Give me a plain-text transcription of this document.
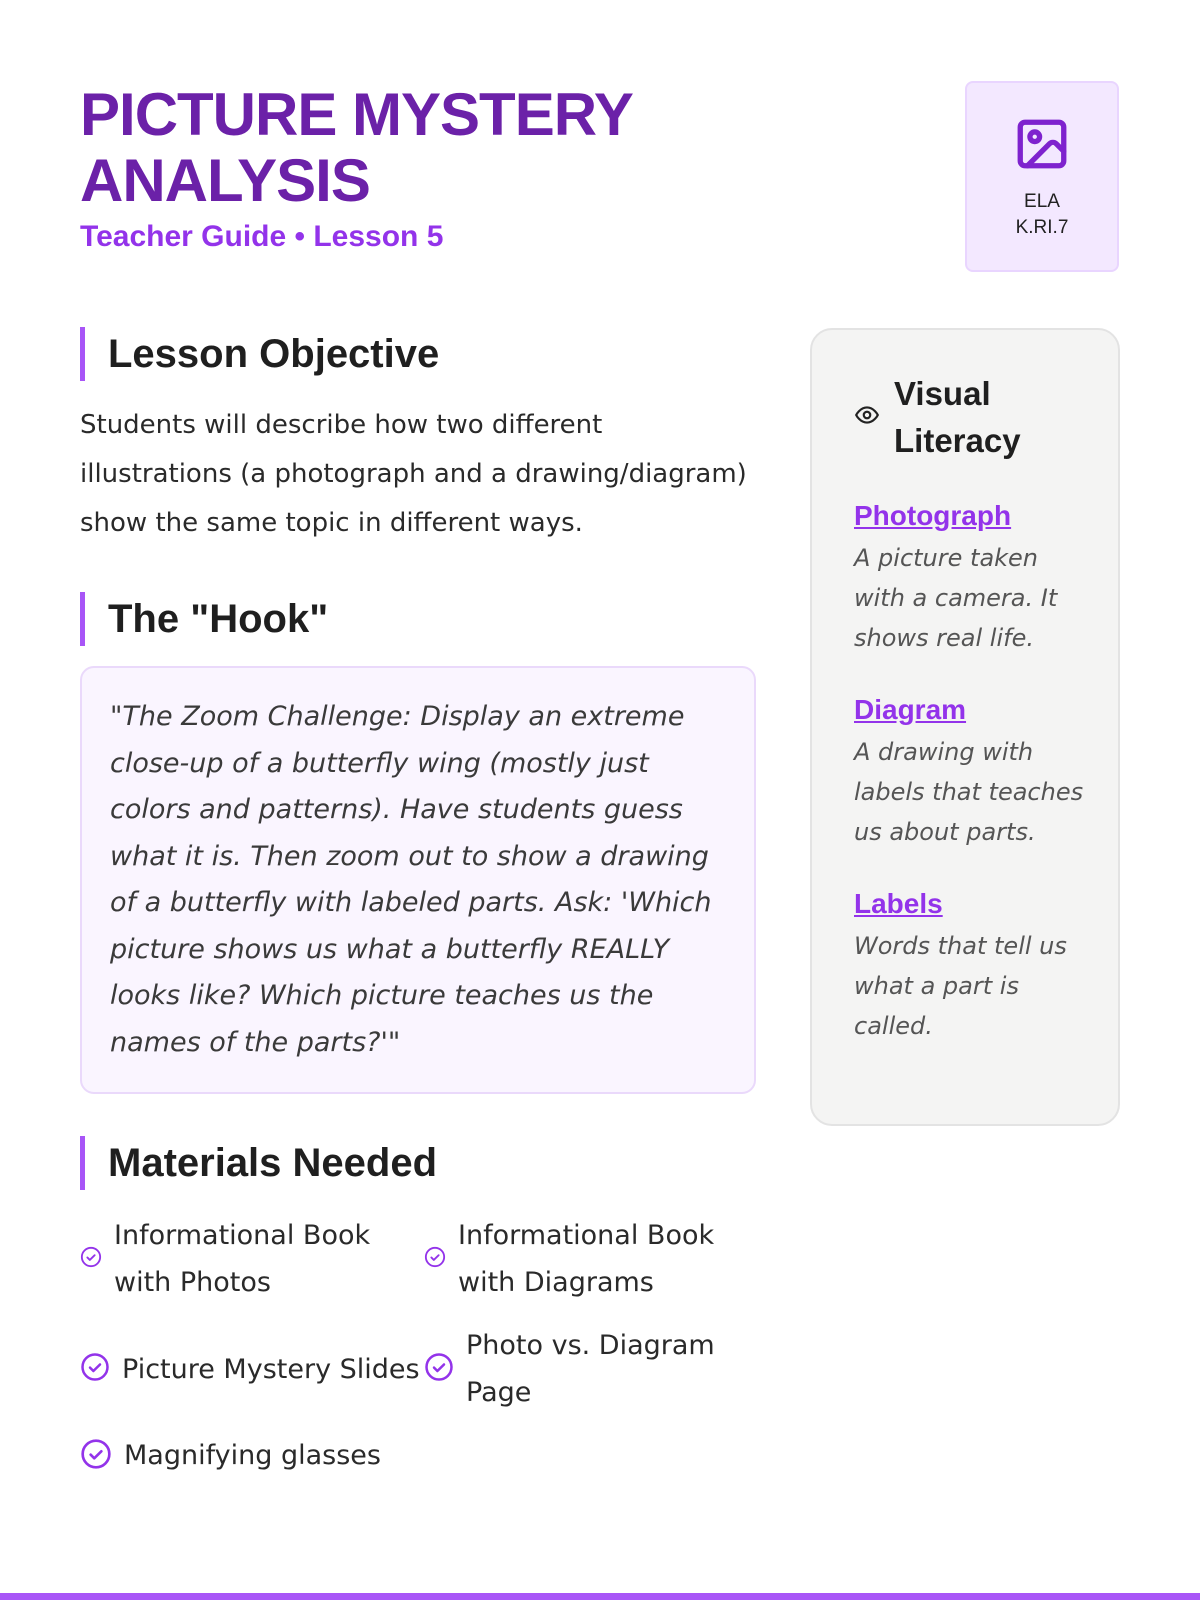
PICTURE MYSTERY ANALYSIS
Teacher Guide • Lesson 5
ELA
K.RI.7
Lesson Objective
Students will describe how two different illustrations (a photograph and a drawing/diagram) show the same topic in different ways.
The "Hook"
"The Zoom Challenge: Display an extreme close-up of a butterfly wing (mostly just colors and patterns). Have students guess what it is. Then zoom out to show a drawing of a butterfly with labeled parts. Ask: 'Which picture shows us what a butterfly REALLY looks like? Which picture teaches us the names of the parts?'"
Materials Needed
Informational Book with Photos
Informational Book with Diagrams
Picture Mystery Slides
Photo vs. Diagram Page
Magnifying glasses
Visual Literacy
Photograph
A picture taken with a camera. It shows real life.
Diagram
A drawing with labels that teaches us about parts.
Labels
Words that tell us what a part is called.
